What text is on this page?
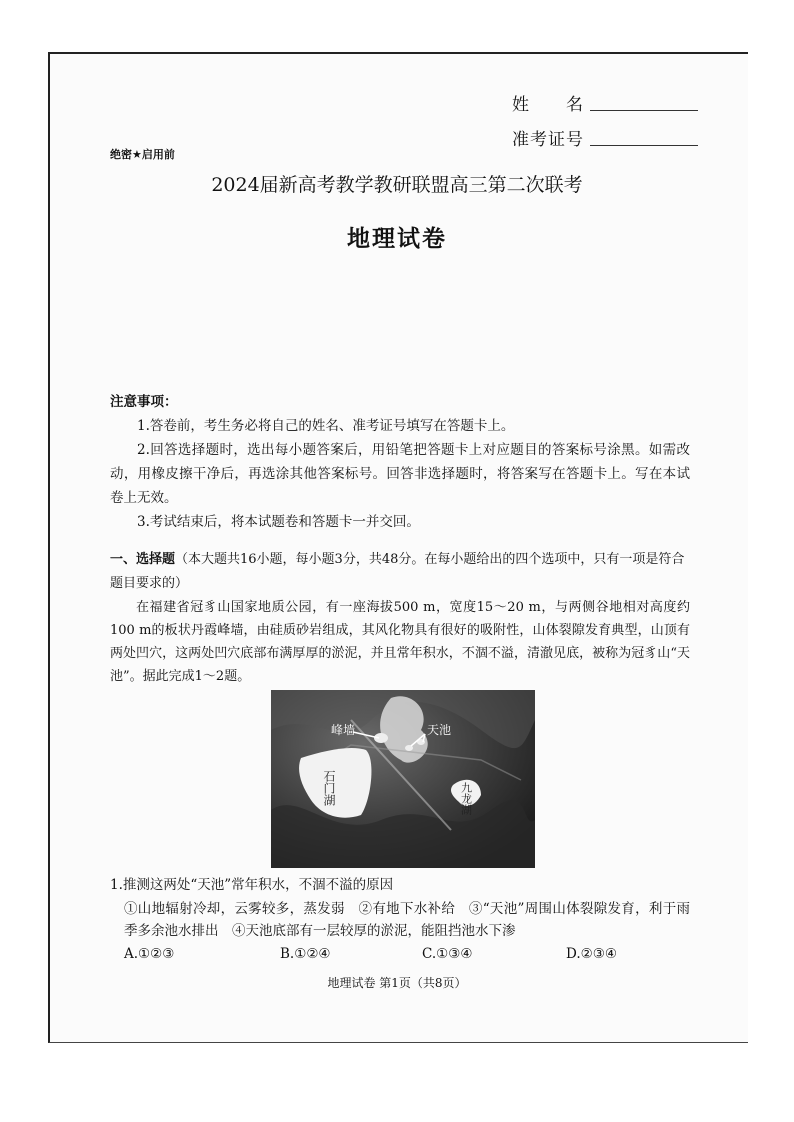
姓　　名
准考证号
绝密★启用前
2024届新高考教学教研联盟高三第二次联考
地理试卷
注意事项：
1.答卷前，考生务必将自己的姓名、准考证号填写在答题卡上。
2.回答选择题时，选出每小题答案后，用铅笔把答题卡上对应题目的答案标号涂黑。如需改动，用橡皮擦干净后，再选涂其他答案标号。回答非选择题时，将答案写在答题卡上。写在本试卷上无效。
3.考试结束后，将本试题卷和答题卡一并交回。
一、选择题（本大题共16小题，每小题3分，共48分。在每小题给出的四个选项中，只有一项是符合题目要求的）
在福建省冠豸山国家地质公园，有一座海拔500 m，宽度15～20 m，与两侧谷地相对高度约100 m的板状丹霞峰墙，由硅质砂岩组成，其风化物具有很好的吸附性，山体裂隙发育典型，山顶有两处凹穴，这两处凹穴底部布满厚厚的淤泥，并且常年积水，不涸不溢，清澈见底，被称为冠豸山“天池”。据此完成1～2题。
峰墙	天池
石门湖	九龙湖
1.推测这两处“天池”常年积水，不涸不溢的原因
①山地辐射冷却，云雾较多，蒸发弱　②有地下水补给　③“天池”周围山体裂隙发育，利于雨季多余池水排出　④天池底部有一层较厚的淤泥，能阻挡池水下渗
A.①②③	B.①②④	C.①③④	D.②③④
地理试卷 第1页（共8页）
